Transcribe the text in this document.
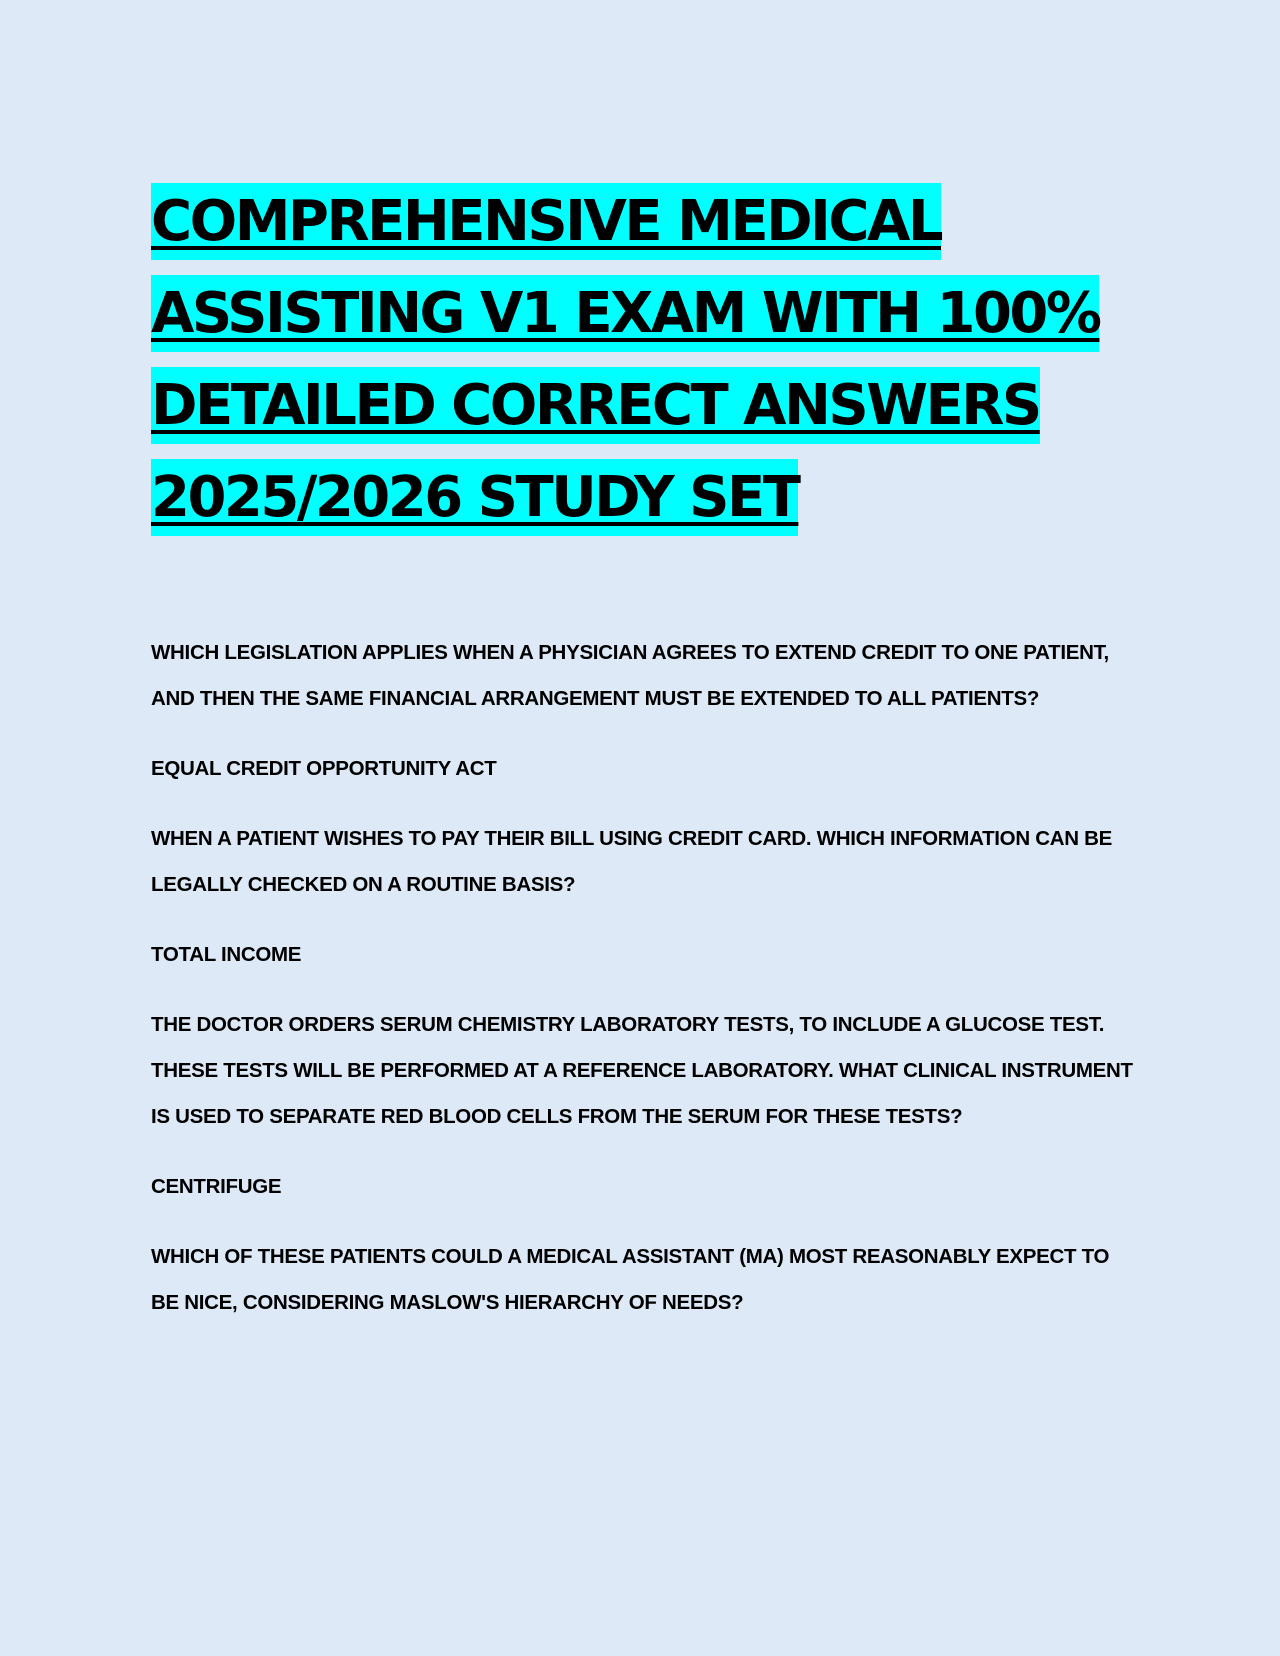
COMPREHENSIVE MEDICAL ASSISTING V1 EXAM WITH 100% DETAILED CORRECT ANSWERS 2025/2026 STUDY SET

WHICH LEGISLATION APPLIES WHEN A PHYSICIAN AGREES TO EXTEND CREDIT TO ONE PATIENT, AND THEN THE SAME FINANCIAL ARRANGEMENT MUST BE EXTENDED TO ALL PATIENTS?

EQUAL CREDIT OPPORTUNITY ACT

WHEN A PATIENT WISHES TO PAY THEIR BILL USING CREDIT CARD. WHICH INFORMATION CAN BE LEGALLY CHECKED ON A ROUTINE BASIS?

TOTAL INCOME

THE DOCTOR ORDERS SERUM CHEMISTRY LABORATORY TESTS, TO INCLUDE A GLUCOSE TEST. THESE TESTS WILL BE PERFORMED AT A REFERENCE LABORATORY. WHAT CLINICAL INSTRUMENT IS USED TO SEPARATE RED BLOOD CELLS FROM THE SERUM FOR THESE TESTS?

CENTRIFUGE

WHICH OF THESE PATIENTS COULD A MEDICAL ASSISTANT (MA) MOST REASONABLY EXPECT TO BE NICE, CONSIDERING MASLOW'S HIERARCHY OF NEEDS?
